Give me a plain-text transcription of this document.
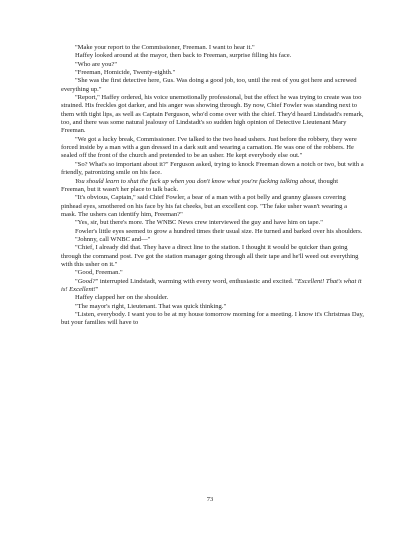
"Make your report to the Commissioner, Freeman. I want to hear it."

Haffey looked around at the mayor, then back to Freeman, surprise filling his face.

"Who are you?"

"Freeman, Homicide, Twenty-eighth."

"She was the first detective here, Gus. Was doing a good job, too, until the rest of you got here and screwed everything up."

"Report," Haffey ordered, his voice unemotionally professional, but the effect he was trying to create was too strained. His freckles got darker, and his anger was showing through. By now, Chief Fowler was standing next to them with tight lips, as well as Captain Ferguson, who'd come over with the chief. They'd heard Lindstadt's remark, too, and there was some natural jealousy of Lindstadt's so sudden high opinion of Detective Lieutenant Mary Freeman.

"We got a lucky break, Commissioner. I've talked to the two head ushers. Just before the robbery, they were forced inside by a man with a gun dressed in a dark suit and wearing a carnation. He was one of the robbers. He sealed off the front of the church and pretended to be an usher. He kept everybody else out."

"So? What's so important about it?" Ferguson asked, trying to knock Freeman down a notch or two, but with a friendly, patronizing smile on his face.

You should learn to shut the fuck up when you don't know what you're fucking talking about, thought Freeman, but it wasn't her place to talk back.

"It's obvious, Captain," said Chief Fowler, a bear of a man with a pot belly and granny glasses covering pinhead eyes, smothered on his face by his fat cheeks, but an excellent cop. "The fake usher wasn't wearing a mask. The ushers can identify him, Freeman?"

"Yes, sir, but there's more. The WNBC News crew interviewed the guy and have him on tape."

Fowler's little eyes seemed to grow a hundred times their usual size. He turned and barked over his shoulders.

"Johnny, call WNBC and—"

"Chief, I already did that. They have a direct line to the station. I thought it would be quicker than going through the command post. I've got the station manager going through all their tape and he'll weed out everything with this usher on it."

"Good, Freeman."

"Good?" interrupted Lindstadt, warming with every word, enthusiastic and excited. "Excellent! That's what it is! Excellent!"

Haffey clapped her on the shoulder.

"The mayor's right, Lieutenant. That was quick thinking."

"Listen, everybody. I want you to be at my house tomorrow morning for a meeting. I know it's Christmas Day, but your families will have to

73
